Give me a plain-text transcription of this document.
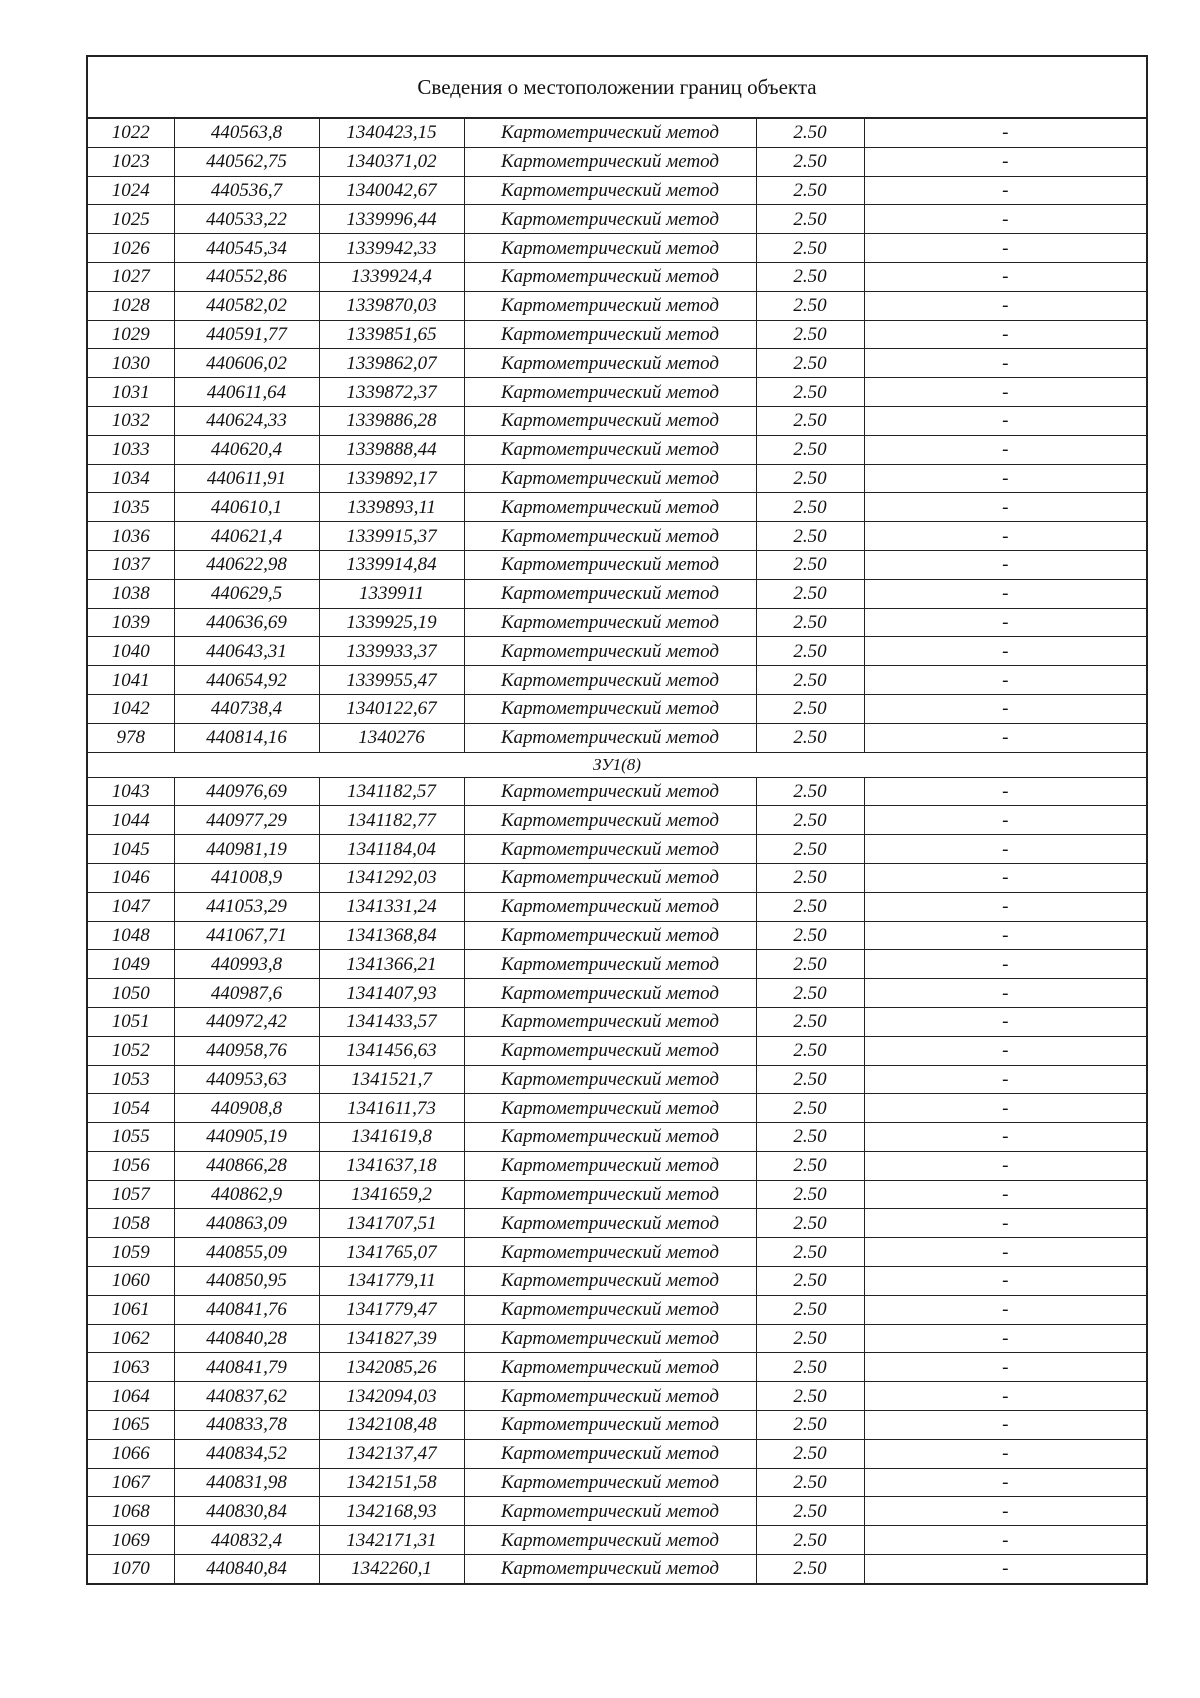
Сведения о местоположении границ объекта
1022	440563,8	1340423,15	Картометрический метод	2.50	-
1023	440562,75	1340371,02	Картометрический метод	2.50	-
1024	440536,7	1340042,67	Картометрический метод	2.50	-
1025	440533,22	1339996,44	Картометрический метод	2.50	-
1026	440545,34	1339942,33	Картометрический метод	2.50	-
1027	440552,86	1339924,4	Картометрический метод	2.50	-
1028	440582,02	1339870,03	Картометрический метод	2.50	-
1029	440591,77	1339851,65	Картометрический метод	2.50	-
1030	440606,02	1339862,07	Картометрический метод	2.50	-
1031	440611,64	1339872,37	Картометрический метод	2.50	-
1032	440624,33	1339886,28	Картометрический метод	2.50	-
1033	440620,4	1339888,44	Картометрический метод	2.50	-
1034	440611,91	1339892,17	Картометрический метод	2.50	-
1035	440610,1	1339893,11	Картометрический метод	2.50	-
1036	440621,4	1339915,37	Картометрический метод	2.50	-
1037	440622,98	1339914,84	Картометрический метод	2.50	-
1038	440629,5	1339911	Картометрический метод	2.50	-
1039	440636,69	1339925,19	Картометрический метод	2.50	-
1040	440643,31	1339933,37	Картометрический метод	2.50	-
1041	440654,92	1339955,47	Картометрический метод	2.50	-
1042	440738,4	1340122,67	Картометрический метод	2.50	-
978	440814,16	1340276	Картометрический метод	2.50	-
ЗУ1(8)					
1043	440976,69	1341182,57	Картометрический метод	2.50	-
1044	440977,29	1341182,77	Картометрический метод	2.50	-
1045	440981,19	1341184,04	Картометрический метод	2.50	-
1046	441008,9	1341292,03	Картометрический метод	2.50	-
1047	441053,29	1341331,24	Картометрический метод	2.50	-
1048	441067,71	1341368,84	Картометрический метод	2.50	-
1049	440993,8	1341366,21	Картометрический метод	2.50	-
1050	440987,6	1341407,93	Картометрический метод	2.50	-
1051	440972,42	1341433,57	Картометрический метод	2.50	-
1052	440958,76	1341456,63	Картометрический метод	2.50	-
1053	440953,63	1341521,7	Картометрический метод	2.50	-
1054	440908,8	1341611,73	Картометрический метод	2.50	-
1055	440905,19	1341619,8	Картометрический метод	2.50	-
1056	440866,28	1341637,18	Картометрический метод	2.50	-
1057	440862,9	1341659,2	Картометрический метод	2.50	-
1058	440863,09	1341707,51	Картометрический метод	2.50	-
1059	440855,09	1341765,07	Картометрический метод	2.50	-
1060	440850,95	1341779,11	Картометрический метод	2.50	-
1061	440841,76	1341779,47	Картометрический метод	2.50	-
1062	440840,28	1341827,39	Картометрический метод	2.50	-
1063	440841,79	1342085,26	Картометрический метод	2.50	-
1064	440837,62	1342094,03	Картометрический метод	2.50	-
1065	440833,78	1342108,48	Картометрический метод	2.50	-
1066	440834,52	1342137,47	Картометрический метод	2.50	-
1067	440831,98	1342151,58	Картометрический метод	2.50	-
1068	440830,84	1342168,93	Картометрический метод	2.50	-
1069	440832,4	1342171,31	Картометрический метод	2.50	-
1070	440840,84	1342260,1	Картометрический метод	2.50	-
